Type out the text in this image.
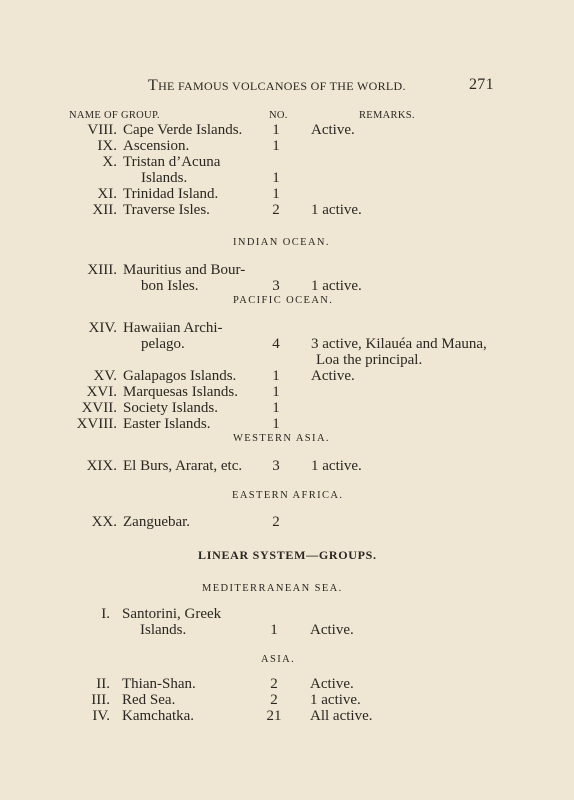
THE FAMOUS VOLCANOES OF THE WORLD.	271
NAME OF GROUP.	NO.	REMARKS.
VIII. Cape Verde Islands.	1	Active.
IX. Ascension.	1
X. Tristan d’Acuna
Islands.	1
XI. Trinidad Island.	1
XII. Traverse Isles.	2	1 active.
INDIAN OCEAN.
XIII. Mauritius and Bour-
bon Isles.	3	1 active.
PACIFIC OCEAN.
XIV. Hawaiian Archi-
pelago.	4	3 active, Kilauéa and Mauna,
Loa the principal.
XV. Galapagos Islands.	1	Active.
XVI. Marquesas Islands.	1
XVII. Society Islands.	1
XVIII. Easter Islands.	1
WESTERN ASIA.
XIX. El Burs, Ararat, etc.	3	1 active.
EASTERN AFRICA.
XX. Zanguebar.	2
LINEAR SYSTEM—GROUPS.
MEDITERRANEAN SEA.
I. Santorini, Greek
Islands.	1	Active.
ASIA.
II. Thian-Shan.	2	Active.
III. Red Sea.	2	1 active.
IV. Kamchatka.	21	All active.
